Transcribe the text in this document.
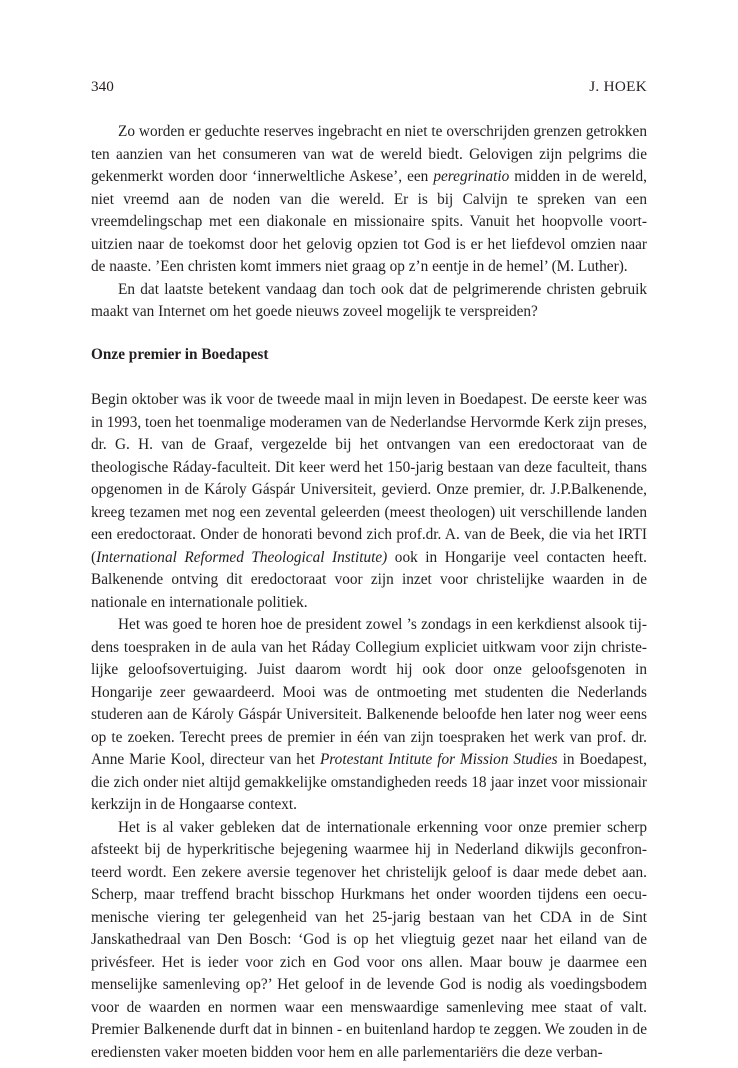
340	J. HOEK

Zo worden er geduchte reserves ingebracht en niet te overschrijden grenzen getrokken ten aanzien van het consumeren van wat de wereld biedt. Gelovigen zijn pelgrims die gekenmerkt worden door ‘innerweltliche Askese’, een peregrinatio midden in de wereld, niet vreemd aan de noden van die wereld. Er is bij Calvijn te spreken van een vreemdelingschap met een diakonale en missionaire spits. Vanuit het hoopvolle voortuitzien naar de toekomst door het gelovig opzien tot God is er het liefdevol omzien naar de naaste. ’Een christen komt immers niet graag op z’n eentje in de hemel’ (M. Luther).

En dat laatste betekent vandaag dan toch ook dat de pelgrimerende christen gebruik maakt van Internet om het goede nieuws zoveel mogelijk te verspreiden?

Onze premier in Boedapest

Begin oktober was ik voor de tweede maal in mijn leven in Boedapest. De eerste keer was in 1993, toen het toenmalige moderamen van de Nederlandse Hervormde Kerk zijn preses, dr. G. H. van de Graaf, vergezelde bij het ontvangen van een eredoctoraat van de theologische Ráday-faculteit. Dit keer werd het 150-jarig bestaan van deze faculteit, thans opgenomen in de Károly Gáspár Universiteit, gevierd. Onze premier, dr. J.P.Balkenende, kreeg tezamen met nog een zevental geleerden (meest theologen) uit verschillende landen een eredoctoraat. Onder de honorati bevond zich prof.dr. A. van de Beek, die via het IRTI (International Reformed Theological Institute) ook in Hongarije veel contacten heeft. Balkenende ontving dit eredoctoraat voor zijn inzet voor christelijke waarden in de nationale en internationale politiek.

Het was goed te horen hoe de president zowel ’s zondags in een kerkdienst alsook tijdens toespraken in de aula van het Ráday Collegium expliciet uitkwam voor zijn christelijke geloofsovertuiging. Juist daarom wordt hij ook door onze geloofsgenoten in Hongarije zeer gewaardeerd. Mooi was de ontmoeting met studenten die Nederlands studeren aan de Károly Gáspár Universiteit. Balkenende beloofde hen later nog weer eens op te zoeken. Terecht prees de premier in één van zijn toespraken het werk van prof. dr. Anne Marie Kool, directeur van het Protestant Intitute for Mission Studies in Boedapest, die zich onder niet altijd gemakkelijke omstandigheden reeds 18 jaar inzet voor missionair kerkzijn in de Hongaarse context.

Het is al vaker gebleken dat de internationale erkenning voor onze premier scherp afsteekt bij de hyperkritische bejegening waarmee hij in Nederland dikwijls geconfronteerd wordt. Een zekere aversie tegenover het christelijk geloof is daar mede debet aan. Scherp, maar treffend bracht bisschop Hurkmans het onder woorden tijdens een oecumenische viering ter gelegenheid van het 25-jarig bestaan van het CDA in de Sint Janskathedraal van Den Bosch: ‘God is op het vliegtuig gezet naar het eiland van de privésfeer. Het is ieder voor zich en God voor ons allen. Maar bouw je daarmee een menselijke samenleving op?’ Het geloof in de levende God is nodig als voedingsbodem voor de waarden en normen waar een menswaardige samenleving mee staat of valt. Premier Balkenende durft dat in binnen - en buitenland hardop te zeggen. We zouden in de erediensten vaker moeten bidden voor hem en alle parlementariërs die deze verban-
